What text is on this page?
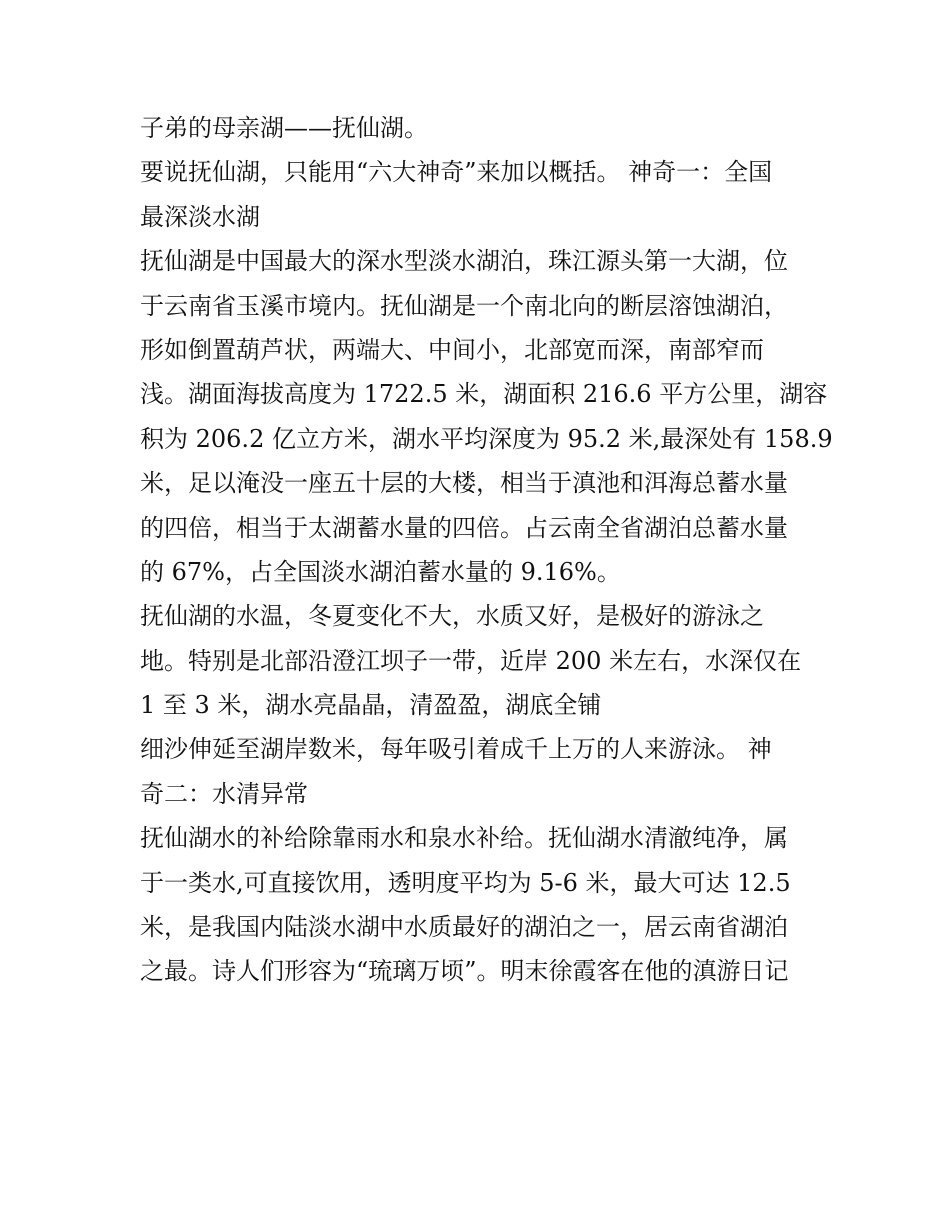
子弟的母亲湖——抚仙湖。
要说抚仙湖，只能用“六大神奇”来加以概括。 神奇一：全国
最深淡水湖
抚仙湖是中国最大的深水型淡水湖泊，珠江源头第一大湖，位
于云南省玉溪市境内。抚仙湖是一个南北向的断层溶蚀湖泊，
形如倒置葫芦状，两端大、中间小，北部宽而深，南部窄而
浅。湖面海拔高度为 1722.5 米，湖面积 216.6 平方公里，湖容
积为 206.2 亿立方米，湖水平均深度为 95.2 米,最深处有 158.9
米，足以淹没一座五十层的大楼，相当于滇池和洱海总蓄水量
的四倍，相当于太湖蓄水量的四倍。占云南全省湖泊总蓄水量
的 67%，占全国淡水湖泊蓄水量的 9.16%。
抚仙湖的水温，冬夏变化不大，水质又好，是极好的游泳之
地。特别是北部沿澄江坝子一带，近岸 200 米左右，水深仅在
1 至 3 米，湖水亮晶晶，清盈盈，湖底全铺
细沙伸延至湖岸数米，每年吸引着成千上万的人来游泳。 神
奇二：水清异常
抚仙湖水的补给除靠雨水和泉水补给。抚仙湖水清澈纯净，属
于一类水,可直接饮用，透明度平均为 5-6 米，最大可达 12.5
米，是我国内陆淡水湖中水质最好的湖泊之一，居云南省湖泊
之最。诗人们形容为“琉璃万顷”。明末徐霞客在他的滇游日记
